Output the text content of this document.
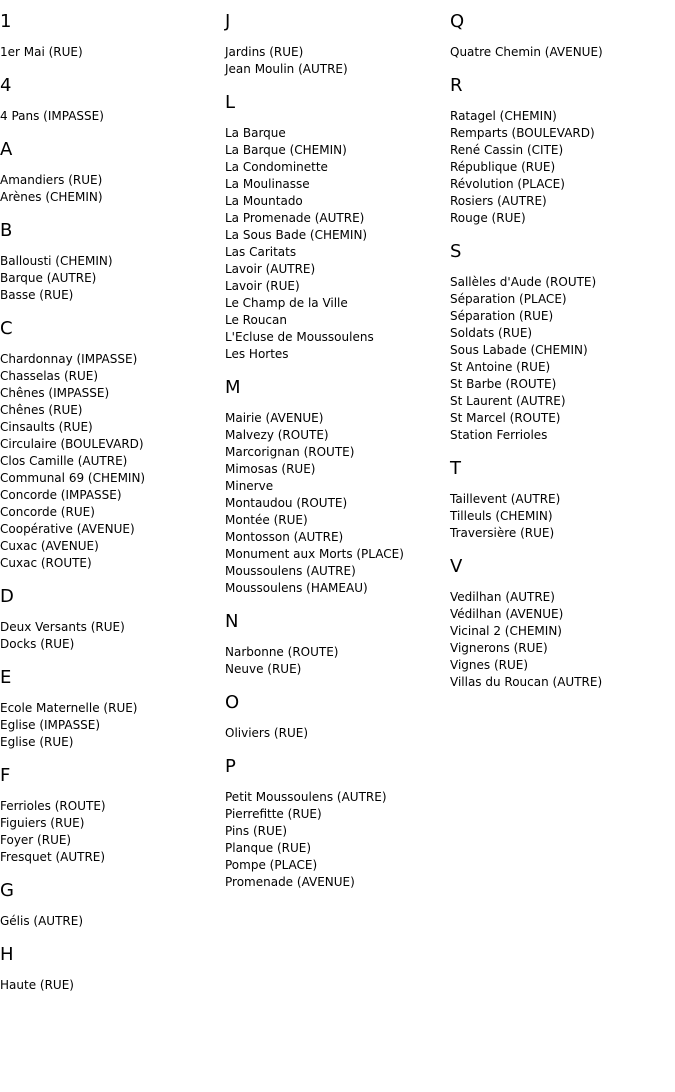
1
1er Mai (RUE)
4
4 Pans (IMPASSE)
A
Amandiers (RUE)
Arènes (CHEMIN)
B
Ballousti (CHEMIN)
Barque (AUTRE)
Basse (RUE)
C
Chardonnay (IMPASSE)
Chasselas (RUE)
Chênes (IMPASSE)
Chênes (RUE)
Cinsaults (RUE)
Circulaire (BOULEVARD)
Clos Camille (AUTRE)
Communal 69 (CHEMIN)
Concorde (IMPASSE)
Concorde (RUE)
Coopérative (AVENUE)
Cuxac (AVENUE)
Cuxac (ROUTE)
D
Deux Versants (RUE)
Docks (RUE)
E
Ecole Maternelle (RUE)
Eglise (IMPASSE)
Eglise (RUE)
F
Ferrioles (ROUTE)
Figuiers (RUE)
Foyer (RUE)
Fresquet (AUTRE)
G
Gélis (AUTRE)
H
Haute (RUE)
J
Jardins (RUE)
Jean Moulin (AUTRE)
L
La Barque
La Barque (CHEMIN)
La Condominette
La Moulinasse
La Mountado
La Promenade (AUTRE)
La Sous Bade (CHEMIN)
Las Caritats
Lavoir (AUTRE)
Lavoir (RUE)
Le Champ de la Ville
Le Roucan
L'Ecluse de Moussoulens
Les Hortes
M
Mairie (AVENUE)
Malvezy (ROUTE)
Marcorignan (ROUTE)
Mimosas (RUE)
Minerve
Montaudou (ROUTE)
Montée (RUE)
Montosson (AUTRE)
Monument aux Morts (PLACE)
Moussoulens (AUTRE)
Moussoulens (HAMEAU)
N
Narbonne (ROUTE)
Neuve (RUE)
O
Oliviers (RUE)
P
Petit Moussoulens (AUTRE)
Pierrefitte (RUE)
Pins (RUE)
Planque (RUE)
Pompe (PLACE)
Promenade (AVENUE)
Q
Quatre Chemin (AVENUE)
R
Ratagel (CHEMIN)
Remparts (BOULEVARD)
René Cassin (CITE)
République (RUE)
Révolution (PLACE)
Rosiers (AUTRE)
Rouge (RUE)
S
Sallèles d'Aude (ROUTE)
Séparation (PLACE)
Séparation (RUE)
Soldats (RUE)
Sous Labade (CHEMIN)
St Antoine (RUE)
St Barbe (ROUTE)
St Laurent (AUTRE)
St Marcel (ROUTE)
Station Ferrioles
T
Taillevent (AUTRE)
Tilleuls (CHEMIN)
Traversière (RUE)
V
Vedilhan (AUTRE)
Védilhan (AVENUE)
Vicinal 2 (CHEMIN)
Vignerons (RUE)
Vignes (RUE)
Villas du Roucan (AUTRE)
